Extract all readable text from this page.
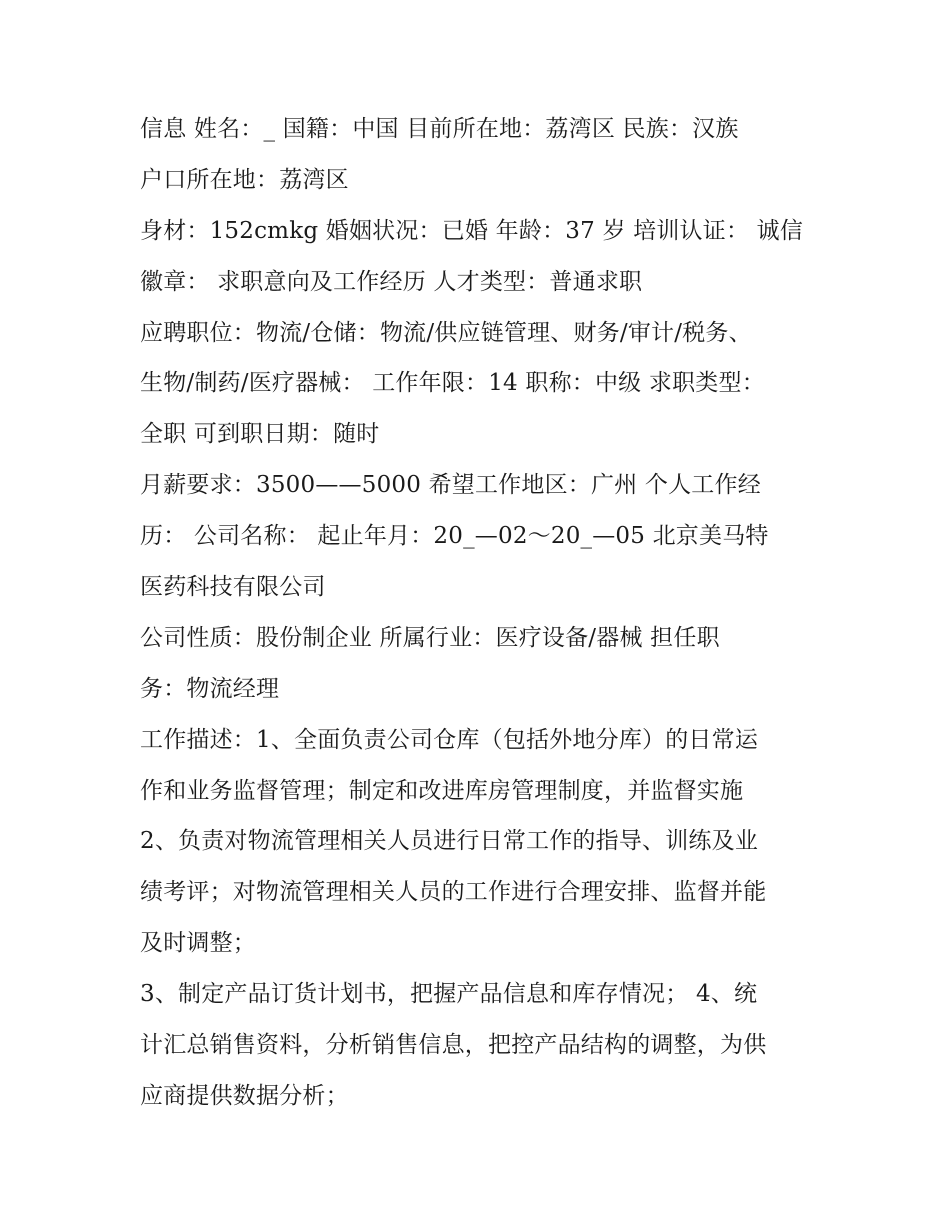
信息 姓名：_ 国籍：中国 目前所在地：荔湾区 民族：汉族
户口所在地：荔湾区
身材：152cmkg 婚姻状况：已婚 年龄：37 岁 培训认证： 诚信
徽章： 求职意向及工作经历 人才类型：普通求职
应聘职位：物流/仓储：物流/供应链管理、财务/审计/税务、
生物/制药/医疗器械： 工作年限：14 职称：中级 求职类型：
全职 可到职日期：随时
月薪要求：3500——5000 希望工作地区：广州 个人工作经
历： 公司名称： 起止年月：20_—02～20_—05 北京美马特
医药科技有限公司
公司性质：股份制企业 所属行业：医疗设备/器械 担任职
务：物流经理
工作描述：1、全面负责公司仓库（包括外地分库）的日常运
作和业务监督管理；制定和改进库房管理制度，并监督实施
2、负责对物流管理相关人员进行日常工作的指导、训练及业
绩考评；对物流管理相关人员的工作进行合理安排、监督并能
及时调整；
3、制定产品订货计划书，把握产品信息和库存情况； 4、统
计汇总销售资料，分析销售信息，把控产品结构的调整，为供
应商提供数据分析；
